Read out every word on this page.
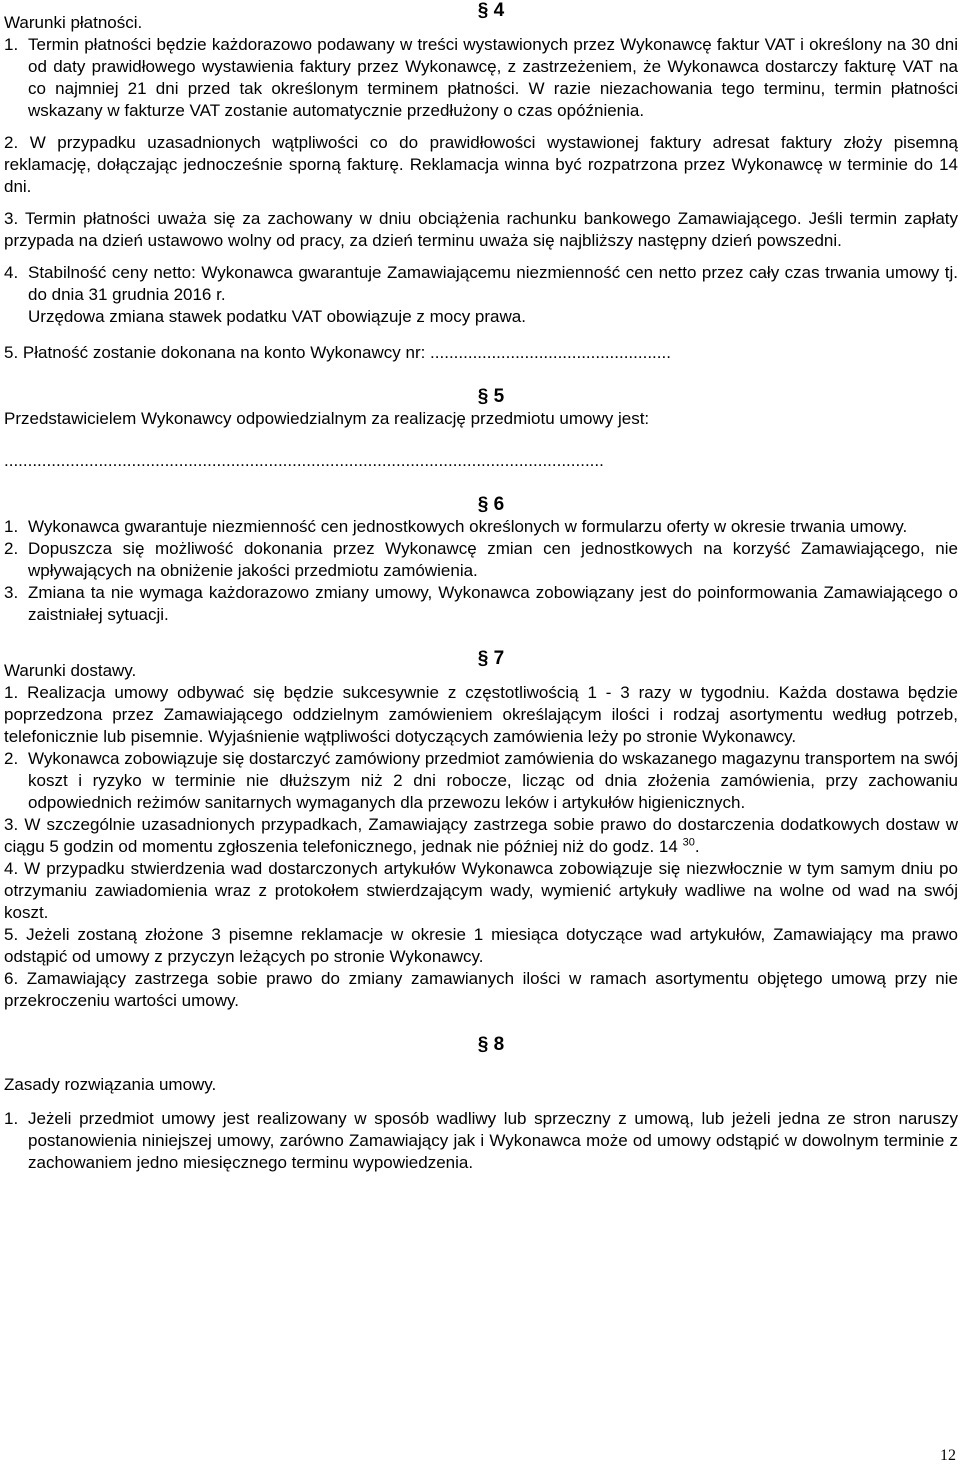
§ 4

Warunki płatności.

1. Termin płatności będzie każdorazowo podawany w treści wystawionych przez Wykonawcę faktur VAT i określony na 30 dni od daty prawidłowego wystawienia faktury przez Wykonawcę, z zastrzeżeniem, że Wykonawca dostarczy fakturę VAT na co najmniej 21 dni przed tak określonym terminem płatności. W razie niezachowania tego terminu, termin płatności wskazany w fakturze VAT zostanie automatycznie przedłużony o czas opóźnienia.
2. W przypadku uzasadnionych wątpliwości co do prawidłowości wystawionej faktury adresat faktury złoży pisemną reklamację, dołączając jednocześnie sporną fakturę. Reklamacja winna być rozpatrzona przez Wykonawcę w terminie do 14 dni.
3. Termin płatności uważa się za zachowany w dniu obciążenia rachunku bankowego Zamawiającego. Jeśli termin zapłaty przypada na dzień ustawowo wolny od pracy, za dzień terminu uważa się najbliższy następny dzień powszedni.
4. Stabilność ceny netto: Wykonawca gwarantuje Zamawiającemu niezmienność cen netto przez cały czas trwania umowy tj. do dnia 31 grudnia 2016 r.
Urzędowa zmiana stawek podatku VAT obowiązuje z mocy prawa.
5. Płatność zostanie dokonana na konto Wykonawcy nr: ...................................................
§ 5

Przedstawicielem Wykonawcy odpowiedzialnym za realizację przedmiotu umowy jest:

...............................................................................................................................

§ 6
1. Wykonawca gwarantuje niezmienność cen jednostkowych określonych w formularzu oferty w okresie trwania umowy.
2. Dopuszcza się możliwość dokonania przez Wykonawcę zmian cen jednostkowych na korzyść Zamawiającego, nie wpływających na obniżenie jakości przedmiotu zamówienia.
3. Zmiana ta nie wymaga każdorazowo zmiany umowy, Wykonawca zobowiązany jest do poinformowania Zamawiającego o zaistniałej sytuacji.
§ 7

Warunki dostawy.

1. Realizacja umowy odbywać się będzie sukcesywnie z częstotliwością 1 - 3 razy w tygodniu. Każda dostawa będzie poprzedzona przez Zamawiającego oddzielnym zamówieniem określającym ilości i rodzaj asortymentu według potrzeb, telefonicznie lub pisemnie. Wyjaśnienie wątpliwości dotyczących zamówienia leży po stronie Wykonawcy.
2. Wykonawca zobowiązuje się dostarczyć zamówiony przedmiot zamówienia do wskazanego magazynu transportem na swój koszt i ryzyko w terminie nie dłuższym niż 2 dni robocze, licząc od dnia złożenia zamówienia, przy zachowaniu odpowiednich reżimów sanitarnych wymaganych dla przewozu leków i artykułów higienicznych.
3. W szczególnie uzasadnionych przypadkach, Zamawiający zastrzega sobie prawo do dostarczenia dodatkowych dostaw w ciągu 5 godzin od momentu zgłoszenia telefonicznego, jednak nie później niż do godz. 14 $^{30}$.
4. W przypadku stwierdzenia wad dostarczonych artykułów Wykonawca zobowiązuje się niezwłocznie w tym samym dniu po otrzymaniu zawiadomienia wraz z protokołem stwierdzającym wady, wymienić artykuły wadliwe na wolne od wad na swój koszt.
5. Jeżeli zostaną złożone 3 pisemne reklamacje w okresie 1 miesiąca dotyczące wad artykułów, Zamawiający ma prawo odstąpić od umowy z przyczyn leżących po stronie Wykonawcy.
6. Zamawiający zastrzega sobie prawo do zmiany zamawianych ilości w ramach asortymentu objętego umową przy nie przekroczeniu wartości umowy.
§ 8

Zasady rozwiązania umowy.

1. Jeżeli przedmiot umowy jest realizowany w sposób wadliwy lub sprzeczny z umową, lub jeżeli jedna ze stron naruszy postanowienia niniejszej umowy, zarówno Zamawiający jak i Wykonawca może od umowy odstąpić w dowolnym terminie z zachowaniem jedno miesięcznego terminu wypowiedzenia.
12
